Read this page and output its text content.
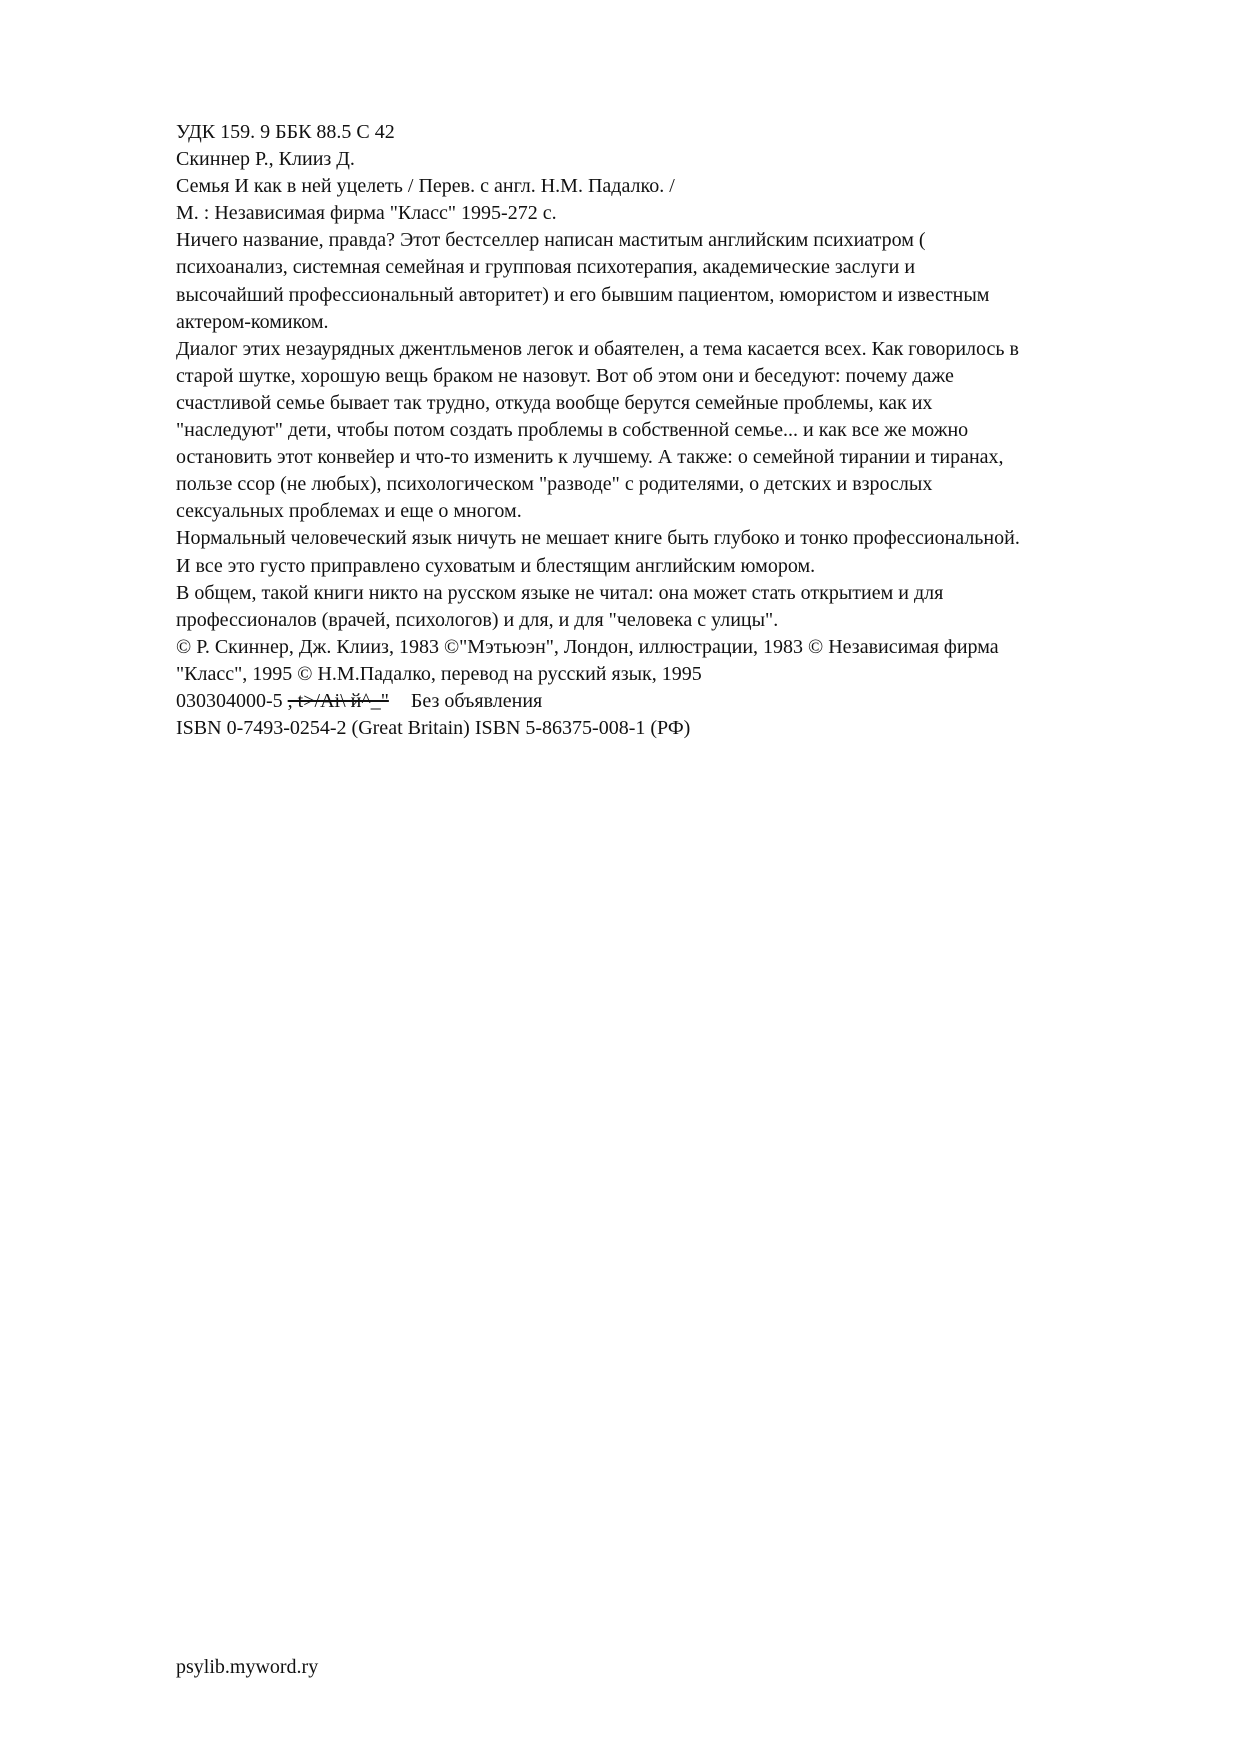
УДК 159. 9 ББК 88.5 С 42
Скиннер Р., Клииз Д.
Семья И как в ней уцелеть / Перев. с англ. Н.М. Падалко. /
М. : Независимая фирма "Класс" 1995-272 с.
Ничего название, правда? Этот бестселлер написан маститым английским психиатром (
психоанализ, системная семейная и групповая психотерапия, академические заслуги и
высочайший профессиональный авторитет) и его бывшим пациентом, юмористом и известным
актером-комиком.
Диалог этих незаурядных джентльменов легок и обаятелен, а тема касается всех. Как говорилось в
старой шутке, хорошую вещь браком не назовут. Вот об этом они и беседуют: почему даже
счастливой семье бывает так трудно, откуда вообще берутся семейные проблемы, как их
"наследуют" дети, чтобы потом создать проблемы в собственной семье... и как все же можно
остановить этот конвейер и что-то изменить к лучшему. А также: о семейной тирании и тиранах,
пользе ссор (не любых), психологическом "разводе" с родителями, о детских и взрослых
сексуальных проблемах и еще о многом.
Нормальный человеческий язык ничуть не мешает книге быть глубоко и тонко профессиональной.
И все это густо приправлено суховатым и блестящим английским юмором.
В общем, такой книги никто на русском языке не читал: она может стать открытием и для
профессионалов (врачей, психологов) и для, и для "человека с улицы".
© Р. Скиннер, Дж. Клииз, 1983 ©"Мэтьюэн", Лондон, иллюстрации, 1983 © Независимая фирма
"Класс", 1995 © Н.М.Падалко, перевод на русский язык, 1995
030304000-5 , t>/Ai\ й^_" Без объявления
ISBN 0-7493-0254-2 (Great Britain) ISBN 5-86375-008-1 (РФ)
psylib.myword.ry
